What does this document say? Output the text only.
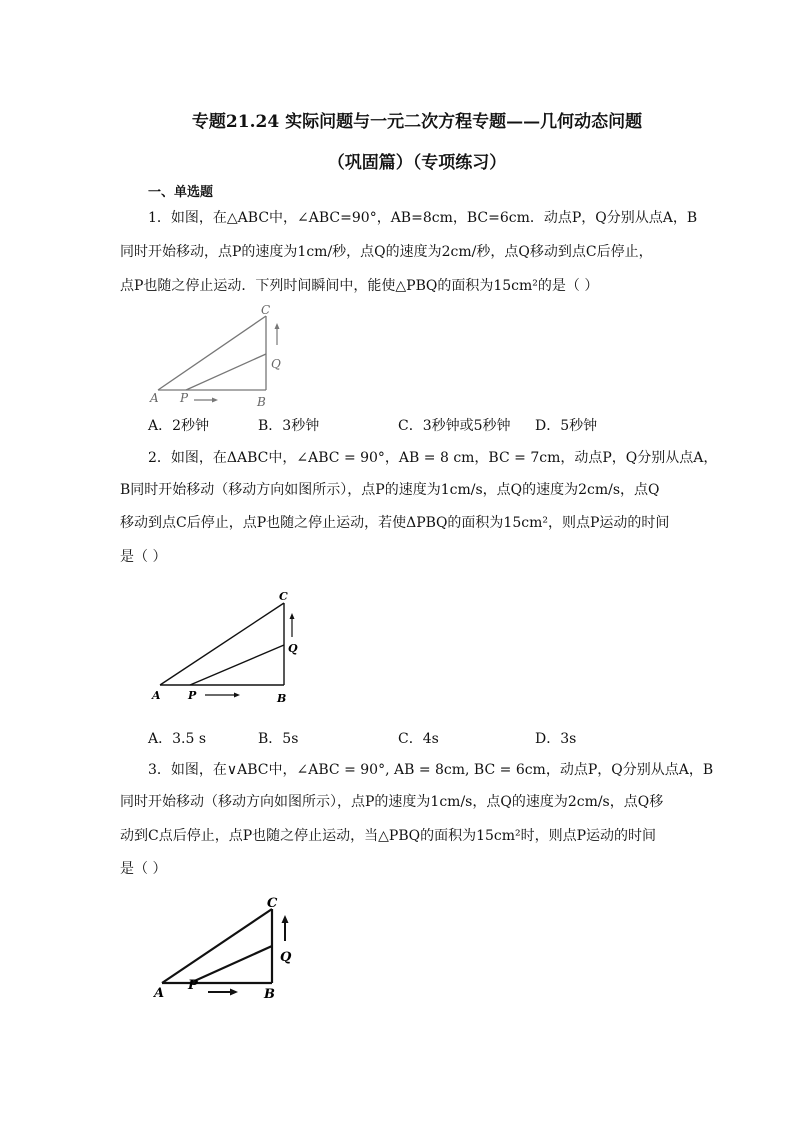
专题21.24 实际问题与一元二次方程专题——几何动态问题
（巩固篇）（专项练习）
一、单选题
1．如图，在△ABC中，∠ABC=90°，AB=8cm，BC=6cm．动点P，Q分别从点A，B
同时开始移动，点P的速度为1cm/秒，点Q的速度为2cm/秒，点Q移动到点C后停止，
点P也随之停止运动．下列时间瞬间中，能使△PBQ的面积为15cm²的是（ ）
A P	B
C
Q
A．2秒钟	B．3秒钟	C．3秒钟或5秒钟 D．5秒钟
2．如图，在ΔABC中，∠ABC = 90°，AB = 8 cm，BC = 7cm，动点P，Q分别从点A，
B同时开始移动（移动方向如图所示），点P的速度为1cm/s，点Q的速度为2cm/s，点Q
移动到点C后停止，点P也随之停止运动，若使ΔPBQ的面积为15cm²，则点P运动的时间
是（ ）
A P	B
C
Q
A．3.5 s	B．5s	C．4s	D．3s
3．如图，在∨ABC中，∠ABC = 90°, AB = 8cm, BC = 6cm，动点P，Q分别从点A，B
同时开始移动（移动方向如图所示），点P的速度为1cm/s，点Q的速度为2cm/s，点Q移
动到C点后停止，点P也随之停止运动，当△PBQ的面积为15cm²时，则点P运动的时间
是（ ）
A
P
B
C
Q
